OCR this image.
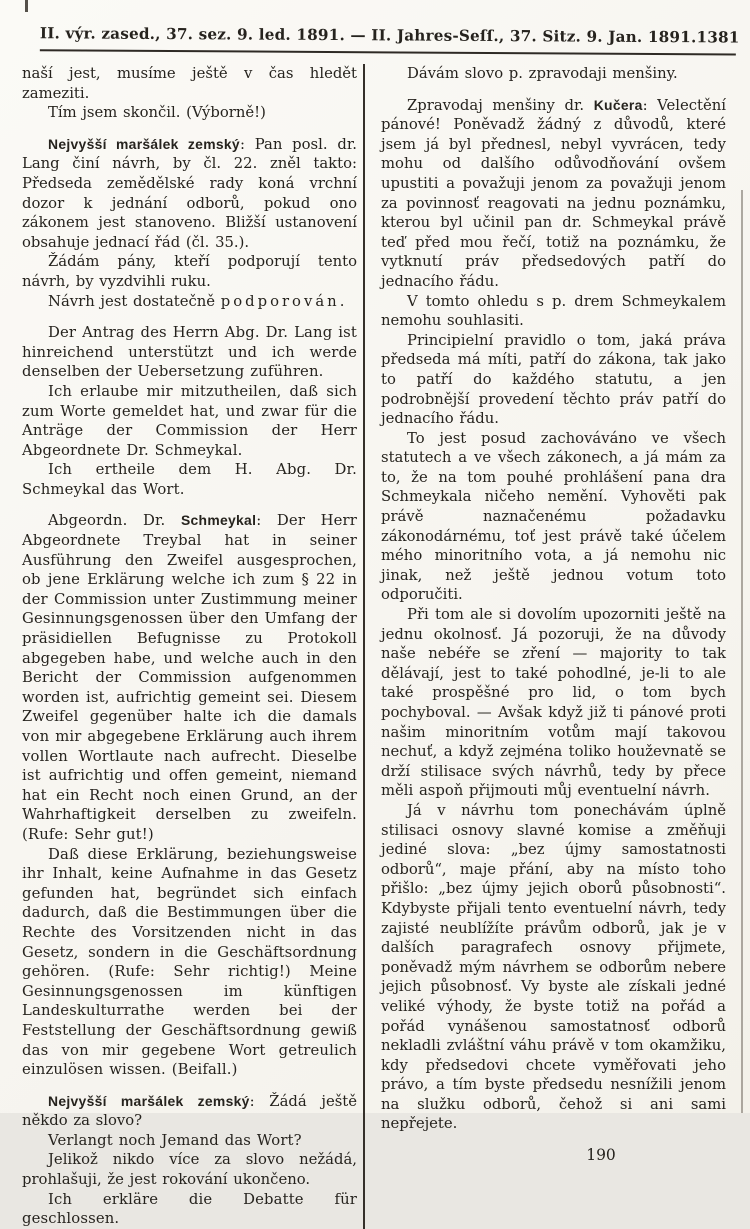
II. výr. zased., 37. sez. 9. led. 1891. — II. Jahres-Seſſ., 37. Sitz. 9. Jan. 1891. 1381

naší jest, musíme ještě v čas hledět zameziti.

Tím jsem skončil. (Výborně!)

Nejvyšší maršálek zemský: Pan posl. dr. Lang činí návrh, by čl. 22. zněl takto: Předseda zemědělské rady koná vrchní dozor k jednání odborů, pokud ono zákonem jest stanoveno. Bližší ustanovení obsahuje jednací řád (čl. 35.).

Žádám pány, kteří podporují tento návrh, by vyzdvihli ruku.

Návrh jest dostatečně podporován.

Der Antrag des Herrn Abg. Dr. Lang ist hinreichend unterstützt und ich werde denselben der Uebersetzung zuführen.

Ich erlaube mir mitzutheilen, daß sich zum Worte gemeldet hat, und zwar für die Anträge der Commission der Herr Abgeordnete Dr. Schmeykal.

Ich ertheile dem H. Abg. Dr. Schmeykal das Wort.

Abgeordn. Dr. Schmeykal: Der Herr Abgeordnete Treybal hat in seiner Ausführung den Zweifel ausgesprochen, ob jene Erklärung welche ich zum § 22 in der Commission unter Zustimmung meiner Gesinnungsgenossen über den Umfang der präsidiellen Befugnisse zu Protokoll abgegeben habe, und welche auch in den Bericht der Commission aufgenommen worden ist, aufrichtig gemeint sei. Diesem Zweifel gegenüber halte ich die damals von mir abgegebene Erklärung auch ihrem vollen Wortlaute nach aufrecht. Dieselbe ist aufrichtig und offen gemeint, niemand hat ein Recht noch einen Grund, an der Wahrhaftigkeit derselben zu zweifeln. (Rufe: Sehr gut!)

Daß diese Erklärung, beziehungsweise ihr Inhalt, keine Aufnahme in das Gesetz gefunden hat, begründet sich einfach dadurch, daß die Bestimmungen über die Rechte des Vorsitzenden nicht in das Gesetz, sondern in die Geschäftsordnung gehören. (Rufe: Sehr richtig!) Meine Gesinnungsgenossen im künftigen Landeskulturrathe werden bei der Feststellung der Geschäftsordnung gewiß das von mir gegebene Wort getreulich einzulösen wissen. (Beifall.)

Nejvyšší maršálek zemský: Žádá ještě někdo za slovo?

Verlangt noch Jemand das Wort?

Jelikož nikdo více za slovo nežádá, prohlašuji, že jest rokování ukončeno.

Ich erkläre die Debatte für geschlossen.

Dávám slovo p. zpravodaji menšiny.

Zpravodaj menšiny dr. Kučera: Velectění pánové! Poněvadž žádný z důvodů, které jsem já byl přednesl, nebyl vyvrácen, tedy mohu od dalšího odůvodňování ovšem upustiti a považuji jenom za považuji jenom za povinnosť reagovati na jednu poznámku, kterou byl učinil pan dr. Schmeykal právě teď před mou řečí, totiž na poznámku, že vytknutí práv předsedových patří do jednacího řádu.

V tomto ohledu s p. drem Schmeykalem nemohu souhlasiti.

Principielní pravidlo o tom, jaká práva předseda má míti, patří do zákona, tak jako to patří do každého statutu, a jen podrobnější provedení těchto práv patří do jednacího řádu.

To jest posud zachováváno ve všech statutech a ve všech zákonech, a já mám za to, že na tom pouhé prohlášení pana dra Schmeykala ničeho nemění. Vyhověti pak právě naznačenému požadavku zákonodárnému, toť jest právě také účelem mého minoritního vota, a já nemohu nic jinak, než ještě jednou votum toto odporučiti.

Při tom ale si dovolím upozorniti ještě na jednu okolnosť. Já pozoruji, že na důvody naše nebéře se zření — majority to tak dělávají, jest to také pohodlné, je-li to ale také prospěšné pro lid, o tom bych pochyboval. — Avšak když již ti pánové proti našim minoritním votům mají takovou nechuť, a když zejména toliko houževnatě se drží stilisace svých návrhů, tedy by přece měli aspoň přijmouti můj eventuelní návrh.

Já v návrhu tom ponechávám úplně stilisaci osnovy slavné komise a změňuji jediné slova: „bez újmy samostatnosti odborů“, maje přání, aby na místo toho přišlo: „bez újmy jejich oborů působnosti“. Kdybyste přijali tento eventuelní návrh, tedy zajisté neublížíte právům odborů, jak je v dalších paragrafech osnovy přijmete, poněvadž mým návrhem se odborům nebere jejich působnosť. Vy byste ale získali jedné veliké výhody, že byste totiž na pořád a pořád vynášenou samostatnosť odborů nekladli zvláštní váhu právě v tom okamžiku, kdy předsedovi chcete vyměřovati jeho právo, a tím byste předsedu nesnížili jenom na služku odborů, čehož si ani sami nepřejete.

190
